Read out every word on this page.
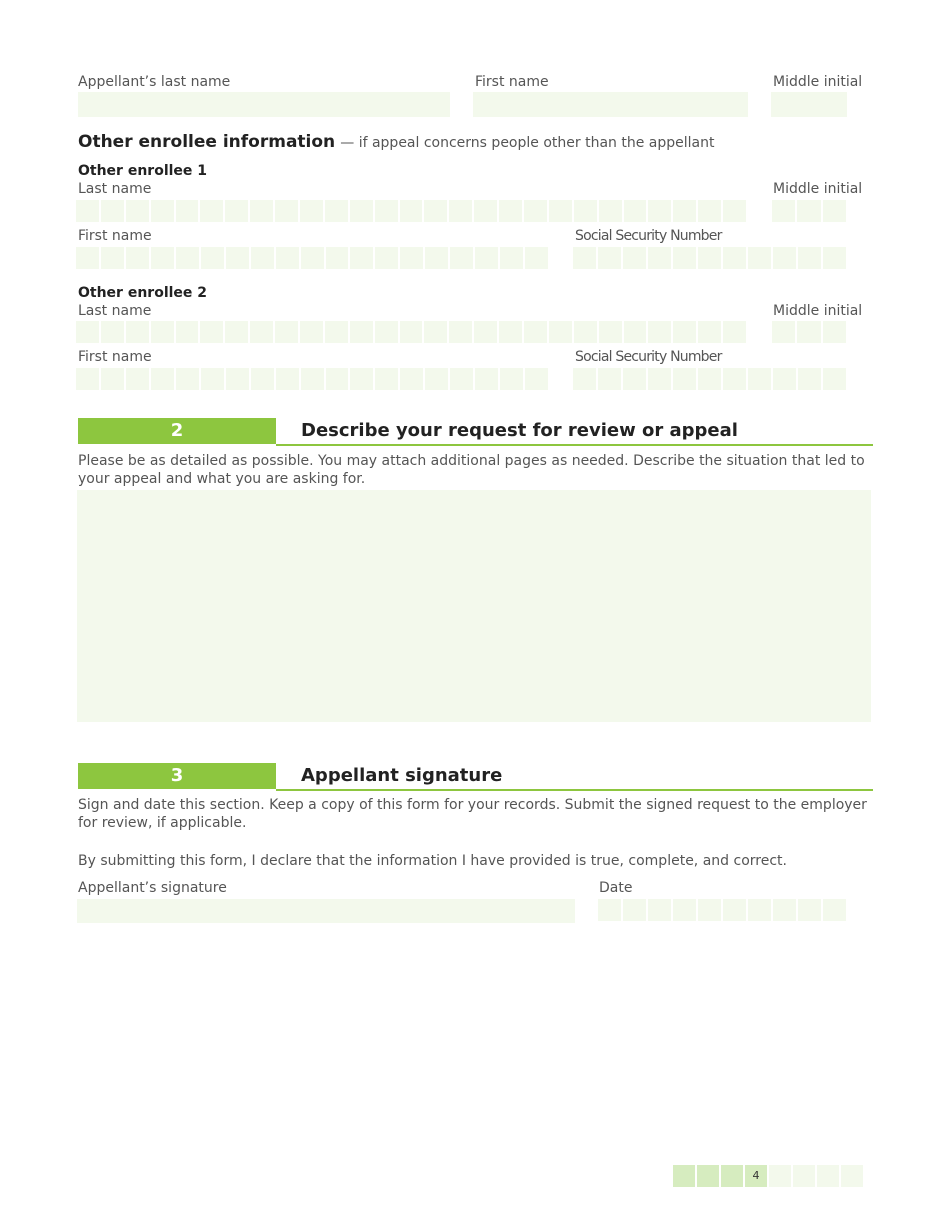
Appellant’s last name	First name	Middle initial
Other enrollee information — if appeal concerns people other than the appellant
Other enrollee 1
Last name	Middle initial
First name	Social Security Number
Other enrollee 2
Last name	Middle initial
First name	Social Security Number
2	Describe your request for review or appeal
Please be as detailed as possible. You may attach additional pages as needed. Describe the situation that led to your appeal and what you are asking for.
3	Appellant signature
Sign and date this section. Keep a copy of this form for your records. Submit the signed request to the employer for review, if applicable.
By submitting this form, I declare that the information I have provided is true, complete, and correct.
Appellant’s signature	Date
4
